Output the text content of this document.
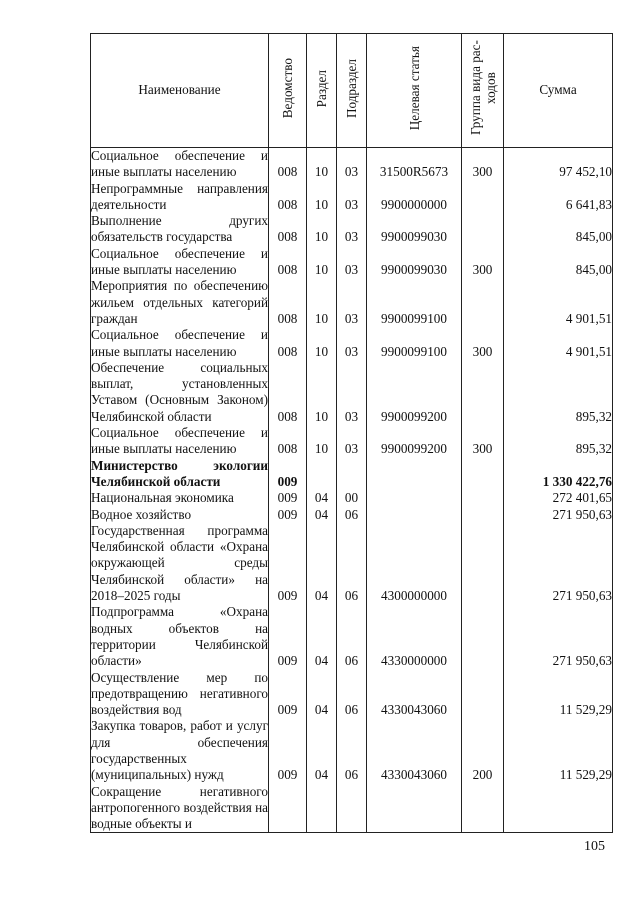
Наименование	Ведомство	Раздел	Подраздел	Целевая статья	Группа вида рас-ходов	Сумма
Социальное обеспечение и иные выплаты населению	008	10	03	31500R5673	300	97 452,10
Непрограммные направления деятельности	008	10	03	9900000000		6 641,83
Выполнение других обязательств государства	008	10	03	9900099030		845,00
Социальное обеспечение и иные выплаты населению	008	10	03	9900099030	300	845,00
Мероприятия по обеспечению жильем отдельных категорий граждан	008	10	03	9900099100		4 901,51
Социальное обеспечение и иные выплаты населению	008	10	03	9900099100	300	4 901,51
Обеспечение социальных выплат, установленных Уставом (Основным Законом) Челябинской области	008	10	03	9900099200		895,32
Социальное обеспечение и иные выплаты населению	008	10	03	9900099200	300	895,32
Министерство экологии Челябинской области	009					1 330 422,76
Национальная экономика	009	04	00			272 401,65
Водное хозяйство	009	04	06			271 950,63
Государственная программа Челябинской области «Охрана окружающей среды Челябинской области» на 2018–2025 годы	009	04	06	4300000000		271 950,63
Подпрограмма «Охрана водных объектов на территории Челябинской области»	009	04	06	4330000000		271 950,63
Осуществление мер по предотвращению негативного воздействия вод	009	04	06	4330043060		11 529,29
Закупка товаров, работ и услуг для обеспечения государственных (муниципальных) нужд	009	04	06	4330043060	200	11 529,29
Сокращение негативного антропогенного воздействия на водные объекты и						
105
